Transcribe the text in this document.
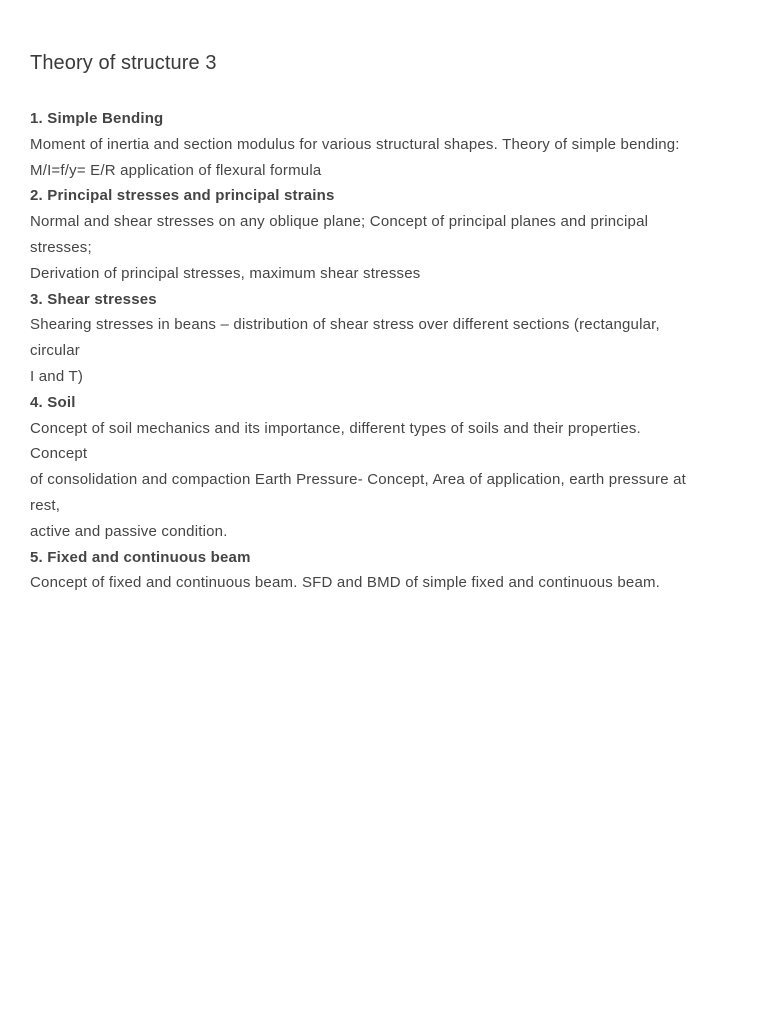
Theory of structure 3
1. Simple Bending
Moment of inertia and section modulus for various structural shapes. Theory of simple bending:
M/I=f/y= E/R application of flexural formula
2. Principal stresses and principal strains
Normal and shear stresses on any oblique plane; Concept of principal planes and principal
stresses;
Derivation of principal stresses, maximum shear stresses
3. Shear stresses
Shearing stresses in beans – distribution of shear stress over different sections (rectangular,
circular
I and T)
4. Soil
Concept of soil mechanics and its importance, different types of soils and their properties.
Concept
of consolidation and compaction Earth Pressure- Concept, Area of application, earth pressure at
rest,
active and passive condition.
5. Fixed and continuous beam
Concept of fixed and continuous beam. SFD and BMD of simple fixed and continuous beam.
